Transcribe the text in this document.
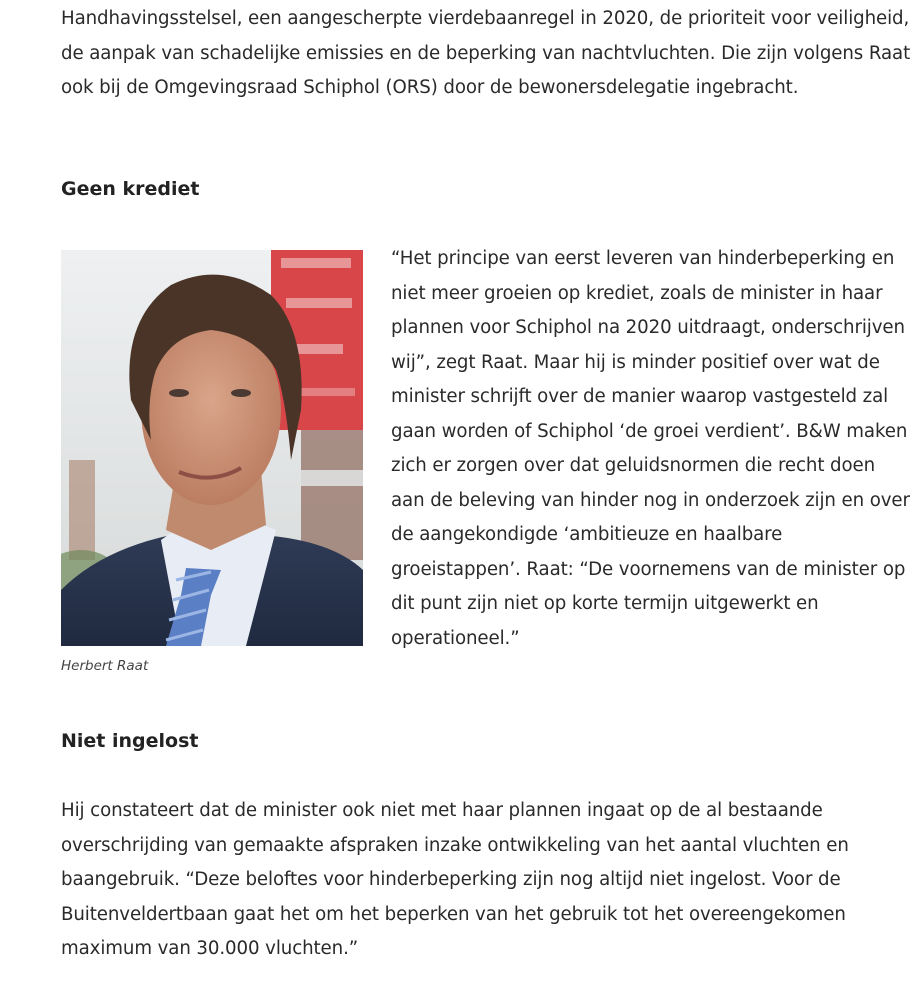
Handhavingsstelsel, een aangescherpte vierdebaanregel in 2020, de prioriteit voor veiligheid, de aanpak van schadelijke emissies en de beperking van nachtvluchten. Die zijn volgens Raat ook bij de Omgevingsraad Schiphol (ORS) door de bewonersdelegatie ingebracht.

Geen krediet
Herbert Raat

“Het principe van eerst leveren van hinderbeperking en niet meer groeien op krediet, zoals de minister in haar plannen voor Schiphol na 2020 uitdraagt, onderschrijven wij”, zegt Raat. Maar hij is minder positief over wat de minister schrijft over de manier waarop vastgesteld zal gaan worden of Schiphol ‘de groei verdient’. B&W maken zich er zorgen over dat geluidsnormen die recht doen aan de beleving van hinder nog in onderzoek zijn en over de aangekondigde ‘ambitieuze en haalbare groeistappen’. Raat: “De voornemens van de minister op dit punt zijn niet op korte termijn uitgewerkt en operationeel.”

Niet ingelost

Hij constateert dat de minister ook niet met haar plannen ingaat op de al bestaande overschrijding van gemaakte afspraken inzake ontwikkeling van het aantal vluchten en baangebruik. “Deze beloftes voor hinderbeperking zijn nog altijd niet ingelost. Voor de Buitenveldertbaan gaat het om het beperken van het gebruik tot het overeengekomen maximum van 30.000 vluchten.”
